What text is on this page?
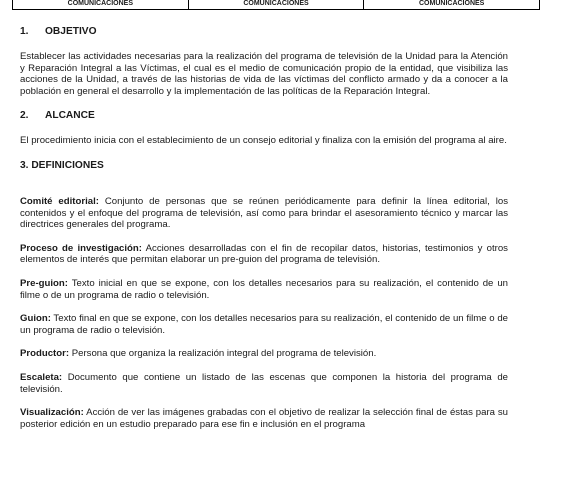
COMUNICACIONES	COMUNICACIONES	COMUNICACIONES
1. OBJETIVO

Establecer las actividades necesarias para la realización del programa de televisión de la Unidad para la Atención y Reparación Integral a las Víctimas, el cual es el medio de comunicación propio de la entidad, que visibiliza las acciones de la Unidad, a través de las historias de vida de las víctimas del conflicto armado y da a conocer a la población en general el desarrollo y la implementación de las políticas de la Reparación Integral.

2. ALCANCE

El procedimiento inicia con el establecimiento de un consejo editorial y finaliza con la emisión del programa al aire.

3. DEFINICIONES

Comité editorial: Conjunto de personas que se reúnen periódicamente para definir la línea editorial, los contenidos y el enfoque del programa de televisión, así como para brindar el asesoramiento técnico y marcar las directrices generales del programa.

Proceso de investigación: Acciones desarrolladas con el fin de recopilar datos, historias, testimonios y otros elementos de interés que permitan elaborar un pre-guion del programa de televisión.

Pre-guion: Texto inicial en que se expone, con los detalles necesarios para su realización, el contenido de un filme o de un programa de radio o televisión.

Guion: Texto final en que se expone, con los detalles necesarios para su realización, el contenido de un filme o de un programa de radio o televisión.

Productor: Persona que organiza la realización integral del programa de televisión.

Escaleta: Documento que contiene un listado de las escenas que componen la historia del programa de televisión.

Visualización: Acción de ver las imágenes grabadas con el objetivo de realizar la selección final de éstas para su posterior edición en un estudio preparado para ese fin e inclusión en el programa
